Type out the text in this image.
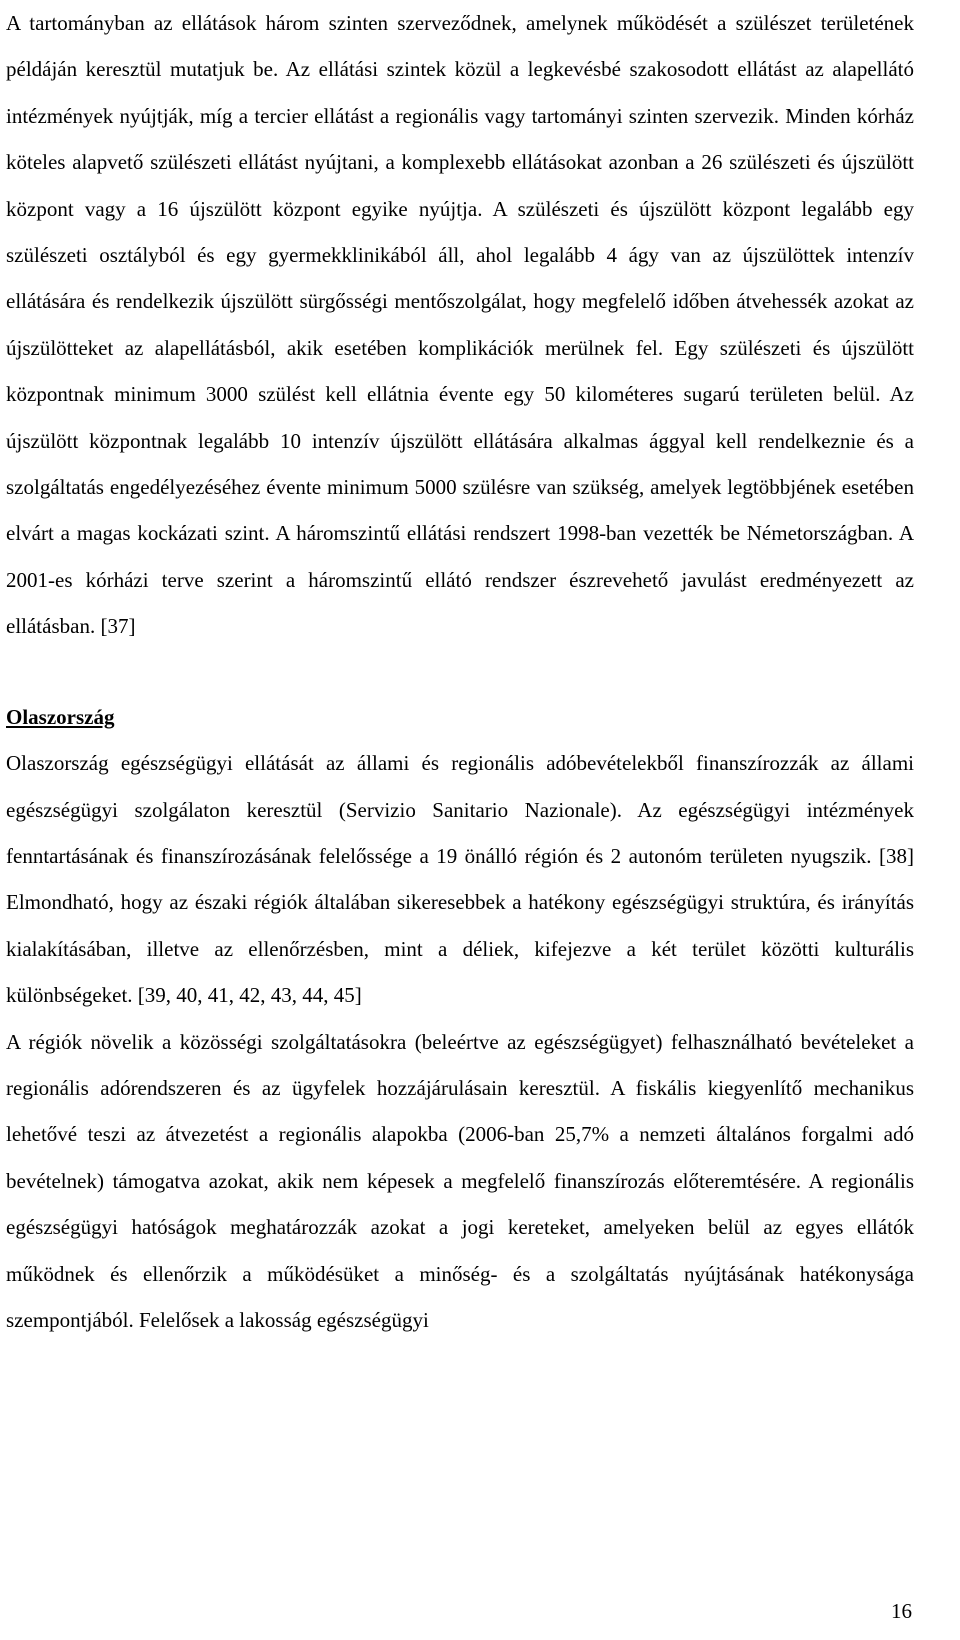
A tartományban az ellátások három szinten szerveződnek, amelynek működését a szülészet területének példáján keresztül mutatjuk be. Az ellátási szintek közül a legkevésbé szakosodott ellátást az alapellátó intézmények nyújtják, míg a tercier ellátást a regionális vagy tartományi szinten szervezik. Minden kórház köteles alapvető szülészeti ellátást nyújtani, a komplexebb ellátásokat azonban a 26 szülészeti és újszülött központ vagy a 16 újszülött központ egyike nyújtja. A szülészeti és újszülött központ legalább egy szülészeti osztályból és egy gyermekklinikából áll, ahol legalább 4 ágy van az újszülöttek intenzív ellátására és rendelkezik újszülött sürgősségi mentőszolgálat, hogy megfelelő időben átvehessék azokat az újszülötteket az alapellátásból, akik esetében komplikációk merülnek fel. Egy szülészeti és újszülött központnak minimum 3000 szülést kell ellátnia évente egy 50 kilométeres sugarú területen belül. Az újszülött központnak legalább 10 intenzív újszülött ellátására alkalmas ággyal kell rendelkeznie és a szolgáltatás engedélyezéséhez évente minimum 5000 szülésre van szükség, amelyek legtöbbjének esetében elvárt a magas kockázati szint. A háromszintű ellátási rendszert 1998-ban vezették be Németországban. A 2001-es kórházi terve szerint a háromszintű ellátó rendszer észrevehető javulást eredményezett az ellátásban. [37]

Olaszország

Olaszország egészségügyi ellátását az állami és regionális adóbevételekből finanszírozzák az állami egészségügyi szolgálaton keresztül (Servizio Sanitario Nazionale). Az egészségügyi intézmények fenntartásának és finanszírozásának felelőssége a 19 önálló régión és 2 autonóm területen nyugszik. [38] Elmondható, hogy az északi régiók általában sikeresebbek a hatékony egészségügyi struktúra, és irányítás kialakításában, illetve az ellenőrzésben, mint a déliek, kifejezve a két terület közötti kulturális különbségeket. [39, 40, 41, 42, 43, 44, 45]

A régiók növelik a közösségi szolgáltatásokra (beleértve az egészségügyet) felhasználható bevételeket a regionális adórendszeren és az ügyfelek hozzájárulásain keresztül. A fiskális kiegyenlítő mechanikus lehetővé teszi az átvezetést a regionális alapokba (2006-ban 25,7% a nemzeti általános forgalmi adó bevételnek) támogatva azokat, akik nem képesek a megfelelő finanszírozás előteremtésére. A regionális egészségügyi hatóságok meghatározzák azokat a jogi kereteket, amelyeken belül az egyes ellátók működnek és ellenőrzik a működésüket a minőség- és a szolgáltatás nyújtásának hatékonysága szempontjából. Felelősek a lakosság egészségügyi

16
